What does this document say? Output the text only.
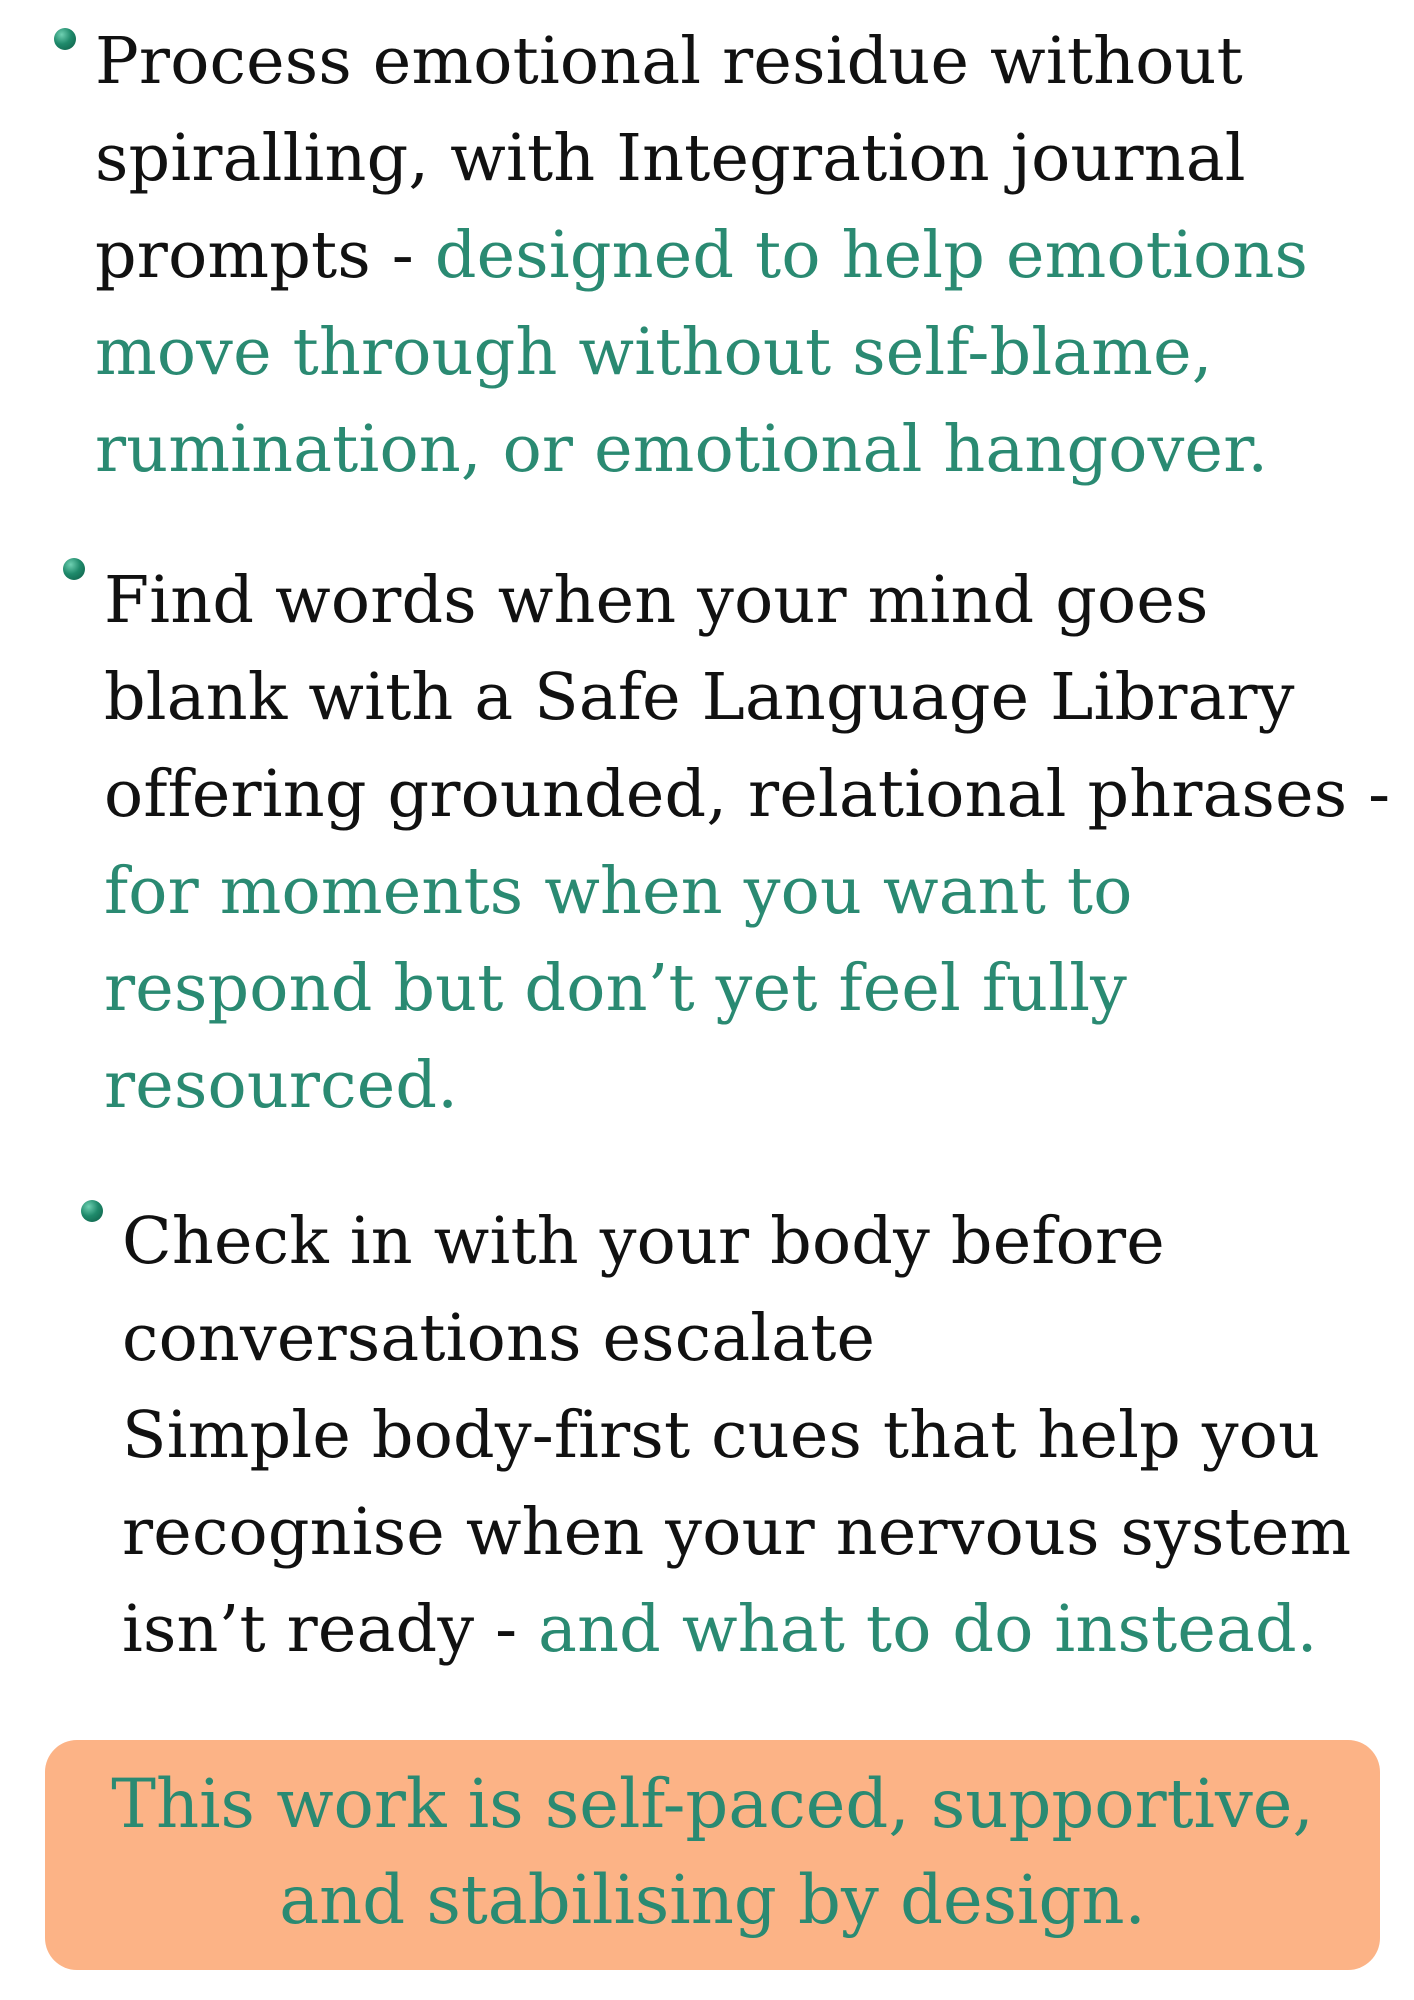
Process emotional residue without
spiralling, with Integration journal
prompts - designed to help emotions
move through without self-blame,
rumination, or emotional hangover.
Find words when your mind goes
blank with a Safe Language Library
offering grounded, relational phrases -
for moments when you want to
respond but don’t yet feel fully
resourced.
Check in with your body before
conversations escalate
Simple body-first cues that help you
recognise when your nervous system
isn’t ready - and what to do instead.
This work is self-paced, supportive,
and stabilising by design.
